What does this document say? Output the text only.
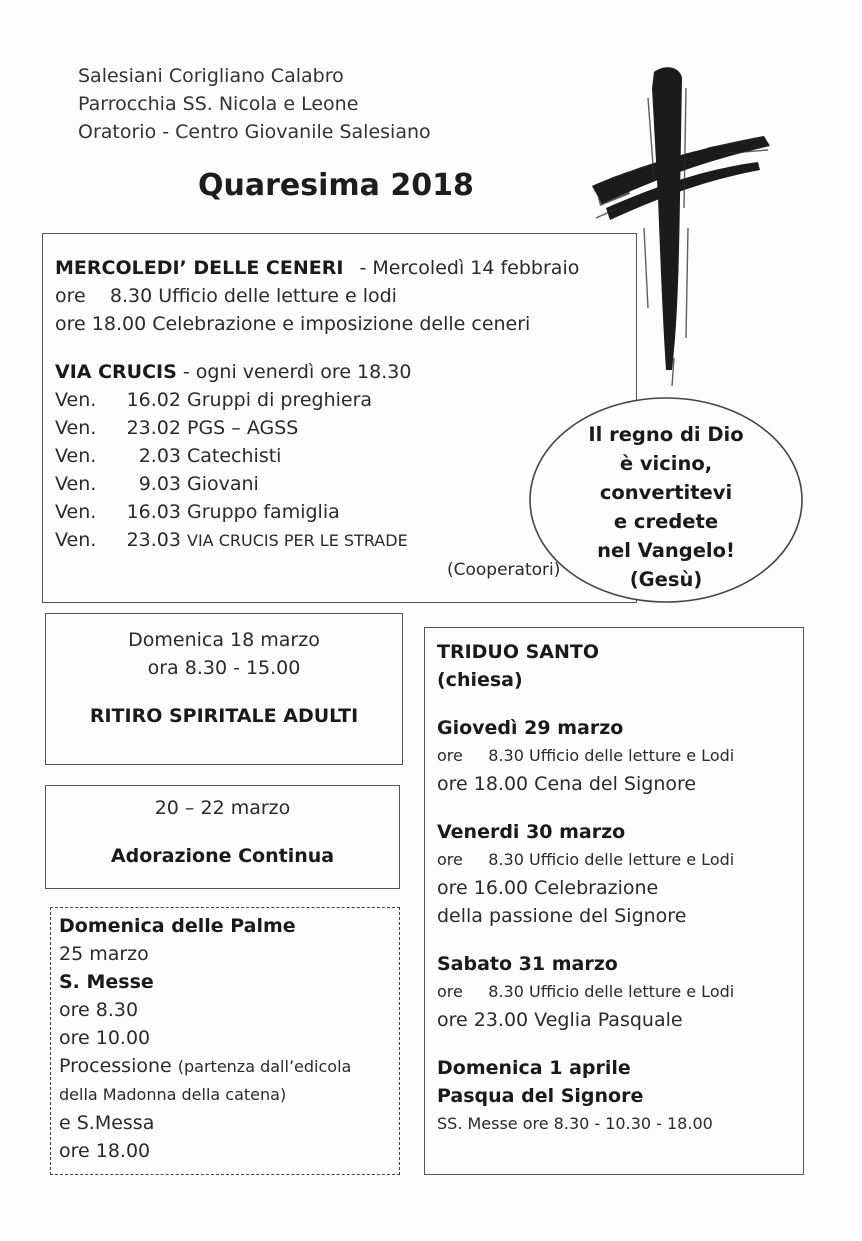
Salesiani Corigliano Calabro
Parrocchia SS. Nicola e Leone
Oratorio - Centro Giovanile Salesiano
Quaresima 2018
MERCOLEDI’ DELLE CENERI - Mercoledì 14 febbraio
ore 8.30 Ufficio delle letture e lodi
ore 18.00 Celebrazione e imposizione delle ceneri
VIA CRUCIS - ogni venerdì ore 18.30
Ven. 16.02 Gruppi di preghiera
Ven. 23.02 PGS – AGSS
Ven. 2.03 Catechisti
Ven. 9.03 Giovani
Ven. 16.03 Gruppo famiglia
Ven. 23.03 VIA CRUCIS PER LE STRADE
(Cooperatori)
Il regno di Dio
è vicino,
convertitevi
e credete
nel Vangelo!
(Gesù)
Domenica 18 marzo
ora 8.30 - 15.00
RITIRO SPIRITALE ADULTI
20 – 22 marzo
Adorazione Continua
Domenica delle Palme
25 marzo
S. Messe
ore 8.30
ore 10.00
Processione (partenza dall’edicola
della Madonna della catena)
e S.Messa
ore 18.00
TRIDUO SANTO
(chiesa)
Giovedì 29 marzo
ore     8.30 Ufficio delle letture e Lodi
ore 18.00 Cena del Signore
Venerdi 30 marzo
ore     8.30 Ufficio delle letture e Lodi
ore 16.00 Celebrazione
della passione del Signore
Sabato 31 marzo
ore     8.30 Ufficio delle letture e Lodi
ore 23.00 Veglia Pasquale
Domenica 1 aprile
Pasqua del Signore
SS. Messe ore 8.30 - 10.30 - 18.00
